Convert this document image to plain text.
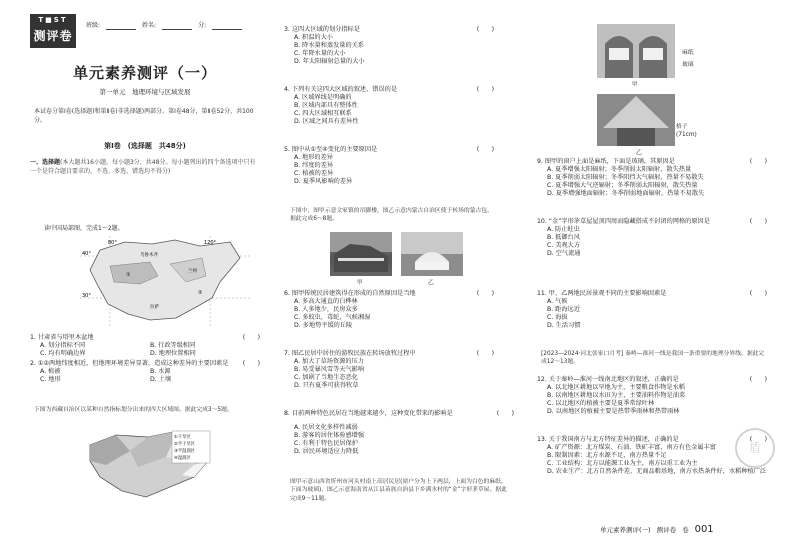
T■ST
测评卷
班级:	姓名:	分:
单元素养测评（一）
第一单元　地理环境与区域发展
本试卷分第Ⅰ卷(选择题)和第Ⅱ卷(非选择题)两部分。第Ⅰ卷48分，第Ⅱ卷52分，共100分。
第Ⅰ卷　(选择题　共48分)
一、选择题(本大题共16小题，每小题3分，共48分。每小题列出的四个备选项中只有一个是符合题目要求的，不选、多选、错选均不得分)
读中国局部图，完成1～2题。
80°	120°
40°
30°
①
②
乌鲁木齐
拉萨
兰州
1. 甘肃省与塔里木盆地	(　　)
A. 划分指标不同	B. 行政等级相同
C. 均有明确边界	D. 地理位置相同
2. ①②两地纬度相近，但地理环境差异显著，造成这种差异的主要因素是 (　　)
A. 植被	B. 水源
C. 地形	D. 土壤
下图为西藏自治区以某种自然指标划分出来的四大区域图。据此完成3～5题。
①干旱区
②半干旱区
③半湿润区
④湿润区
3. 这四大区域的划分指标是	(　　)
A. 积温的大小
B. 降水量和蒸发量的关系
C. 年降水量的大小
D. 年太阳辐射总量的大小
4. 下列有关这四大区域的叙述，错误的是	(　　)
A. 区域界线是明确的
B. 区域内部具有整体性
C. 四大区域相互联系
D. 区域之间具有差异性
5. 图中从①至④变化的主要原因是	(　　)
A. 地形的差异
B. 纬度的差异
C. 植被的差异
D. 夏季风影响的差异
下图中，图甲示意文家镇的吊脚楼，图乙示意内蒙古自治区使于转场的蒙古包。据此完成6～8题。
甲	乙
6. 图甲传统民居建筑得在形成的自然原因是当地	(　　)
A. 多高大通直的白桦林
B. 人多地少，民房众多
C. 多蚊虫，毒蛇，气候湘湿
D. 多地势平缓的丘陵
7. 图乙民居中居住的游牧民族在转场放牧过程中	(　　)
A. 加大了草场资源的压力
B. 易受暴风雪等天气影响
C. 加剧了当地生态恶化
D. 只有夏季可获得牧草
8. 目前两种特色民居在当地越来越少，这种变化带来的影响是	(　　)
A. 民居文化多样性减弱
B. 游客的居住体验感增强
C. 有利于特色民居保护
D. 居民环境适应力降低
图甲示意山西省忻州市河头村南上高居民居(窗户分为上下两层，上面为白色的麻纸，下面为玻璃)，图乙示意海南省从江县苗族自治县下乡满水村的“金”字形茅草屋。据此完成9～11题。
麻纸
玻璃
甲
格子
(71cm)
乙
9. 图甲的窗户上面是麻纸，下面是玻璃，其原因是	(　　)
A. 夏季增强太阳辐射；冬季削弱太阳辐射，散失热量
B. 夏季削弱太阳辐射；冬季阻挡大气辐射，热量不易散失
C. 夏季增强大气逆辐射；冬季削弱太阳辐射，散失热量
D. 夏季增强地面辐射；冬季削弱地面辐射，热量不易散失
10. “金”字形茅草屋屋顶四周而隐藏搭成不封闭的网格的原因是	(　　)
A. 防止蛀虫
B. 抵御台风
C. 美观大方
D. 空气流通
11. 甲、乙两地民居景观不同的主要影响因素是	(　　)
A. 气候
B. 距海远近
C. 海拔
D. 生活习惯
[2023—2024·河北张家口月考] 秦岭—淮河一线是我国一条重要的地理分界线。据此完成12～13题。
12. 关于秦岭—淮河一线南北地区的叙述，正确的是	(　　)
A. 以北地区耕地以旱地为主，主要粮食作物是水稻
B. 以南地区耕地以水田为主，主要油料作物是油菜
C. 以北地区的植被主要是夏季常绿叶林
D. 以南地区的植被主要是热带季雨林和热带雨林
13. 关于我国南方与北方特征差异的描述，正确的是	(　　)
A. 矿产资源：北方煤炭、石油、铁矿丰富，南方有色金属丰富
B. 限制因素：北方水源不足，南方热量不足
C. 工业结构：北方以能源工业为主，南方以重工业为主
D. 农业生产：北方自然条件差，无商品粮基地，南方水热条件好，水稻种植广泛
盾
单元素养测评(一) 测评卷 卷 001
